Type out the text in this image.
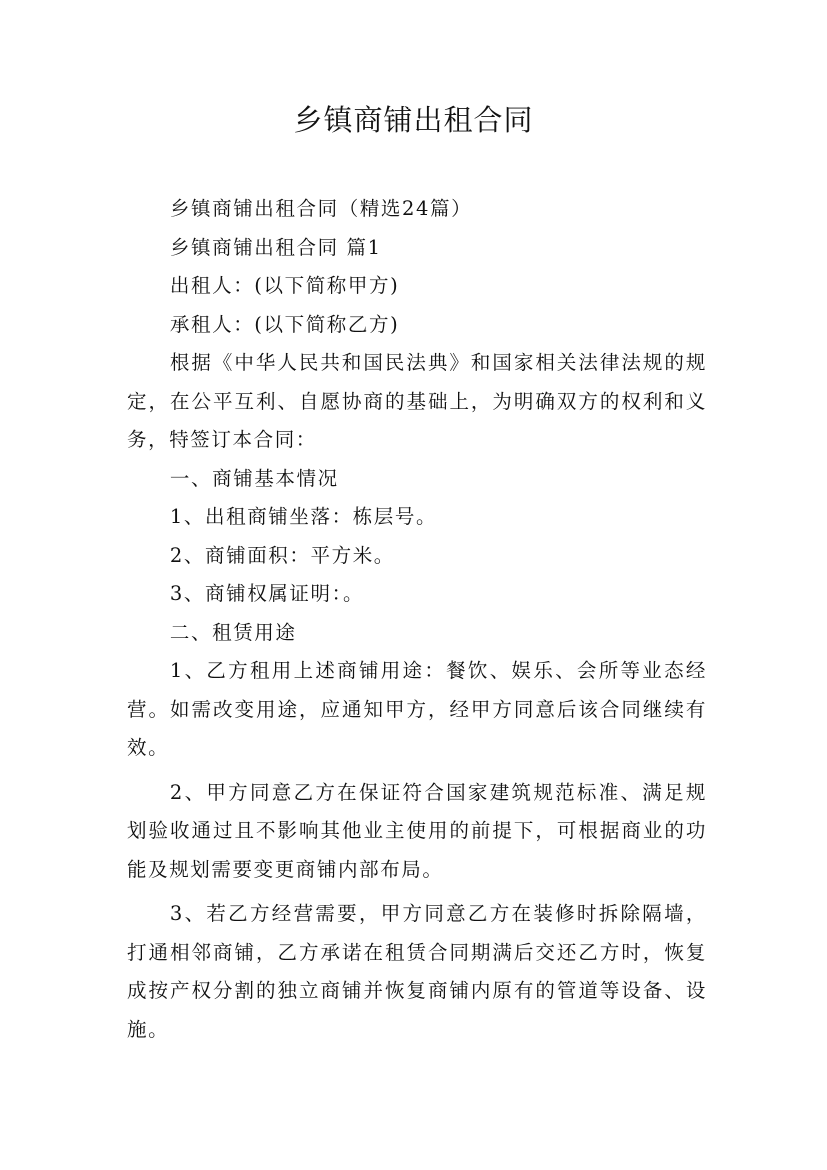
乡镇商铺出租合同

乡镇商铺出租合同（精选24篇）

乡镇商铺出租合同 篇1

出租人：(以下简称甲方)

承租人：(以下简称乙方)

根据《中华人民共和国民法典》和国家相关法律法规的规定，在公平互利、自愿协商的基础上，为明确双方的权利和义务，特签订本合同：

一、商铺基本情况

1、出租商铺坐落：栋层号。

2、商铺面积：平方米。

3、商铺权属证明：。

二、租赁用途

1、乙方租用上述商铺用途：餐饮、娱乐、会所等业态经营。如需改变用途，应通知甲方，经甲方同意后该合同继续有效。

2、甲方同意乙方在保证符合国家建筑规范标准、满足规划验收通过且不影响其他业主使用的前提下，可根据商业的功能及规划需要变更商铺内部布局。

3、若乙方经营需要，甲方同意乙方在装修时拆除隔墙，打通相邻商铺，乙方承诺在租赁合同期满后交还乙方时，恢复成按产权分割的独立商铺并恢复商铺内原有的管道等设备、设施。
